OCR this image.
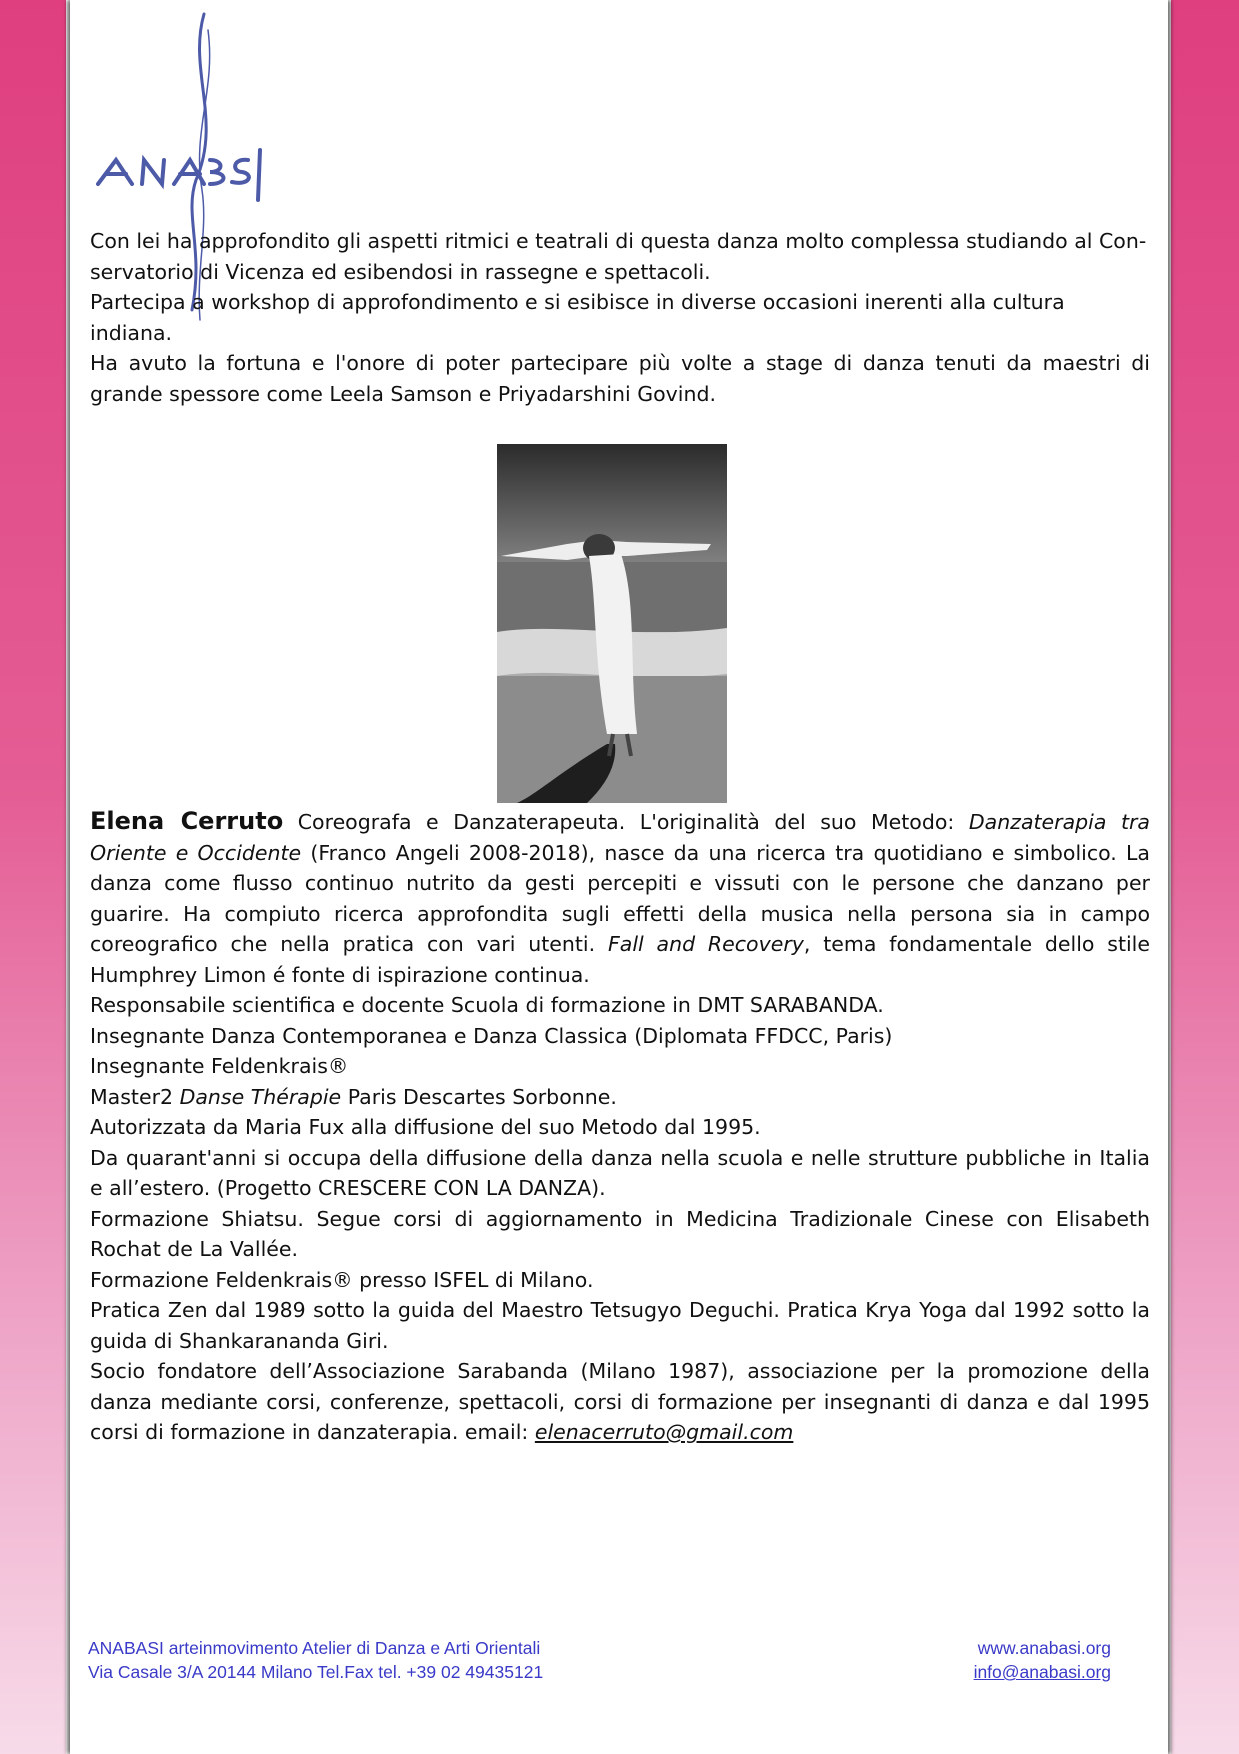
Con lei ha approfondito gli aspetti ritmici e teatrali di questa danza molto complessa studiando al Con-

servatorio di Vicenza ed esibendosi in rassegne e spettacoli.

Partecipa a workshop di approfondimento e si esibisce in diverse occasioni inerenti alla cultura indiana.

Ha avuto la fortuna e l'onore di poter partecipare più volte a stage di danza tenuti da maestri di grande spessore come Leela Samson e Priyadarshini Govind.

Elena Cerruto Coreografa e Danzaterapeuta. L'originalità del suo Metodo: Danzaterapia tra Oriente e Occidente (Franco Angeli 2008-2018), nasce da una ricerca tra quotidiano e simbolico. La danza come flusso continuo nutrito da gesti percepiti e vissuti con le persone che danzano per guarire. Ha compiuto ricerca approfondita sugli effetti della musica nella persona sia in campo coreografico che nella pratica con vari utenti. Fall and Recovery, tema fondamentale dello stile Humphrey Limon é fonte di ispirazione continua.

Responsabile scientifica e docente Scuola di formazione in DMT SARABANDA.

Insegnante Danza Contemporanea e Danza Classica (Diplomata FFDCC, Paris)

Insegnante Feldenkrais®

Master2 Danse Thérapie Paris Descartes Sorbonne.

Autorizzata da Maria Fux alla diffusione del suo Metodo dal 1995.

Da quarant'anni si occupa della diffusione della danza nella scuola e nelle strutture pubbliche in Italia e all’estero. (Progetto CRESCERE CON LA DANZA).

Formazione Shiatsu. Segue corsi di aggiornamento in Medicina Tradizionale Cinese con Elisabeth Rochat de La Vallée.

Formazione Feldenkrais® presso ISFEL di Milano.

Pratica Zen dal 1989 sotto la guida del Maestro Tetsugyo Deguchi. Pratica Krya Yoga dal 1992 sotto la guida di Shankarananda Giri.

Socio fondatore dell’Associazione Sarabanda (Milano 1987), associazione per la promozione della danza mediante corsi, conferenze, spettacoli, corsi di formazione per insegnanti di danza e dal 1995 corsi di formazione in danzaterapia. email: elenacerruto@gmail.com

ANABASI arteinmovimento Atelier di Danza e Arti Orientali
Via Casale 3/A 20144 Milano Tel.Fax tel. +39 02 49435121
www.anabasi.org
info@anabasi.org
